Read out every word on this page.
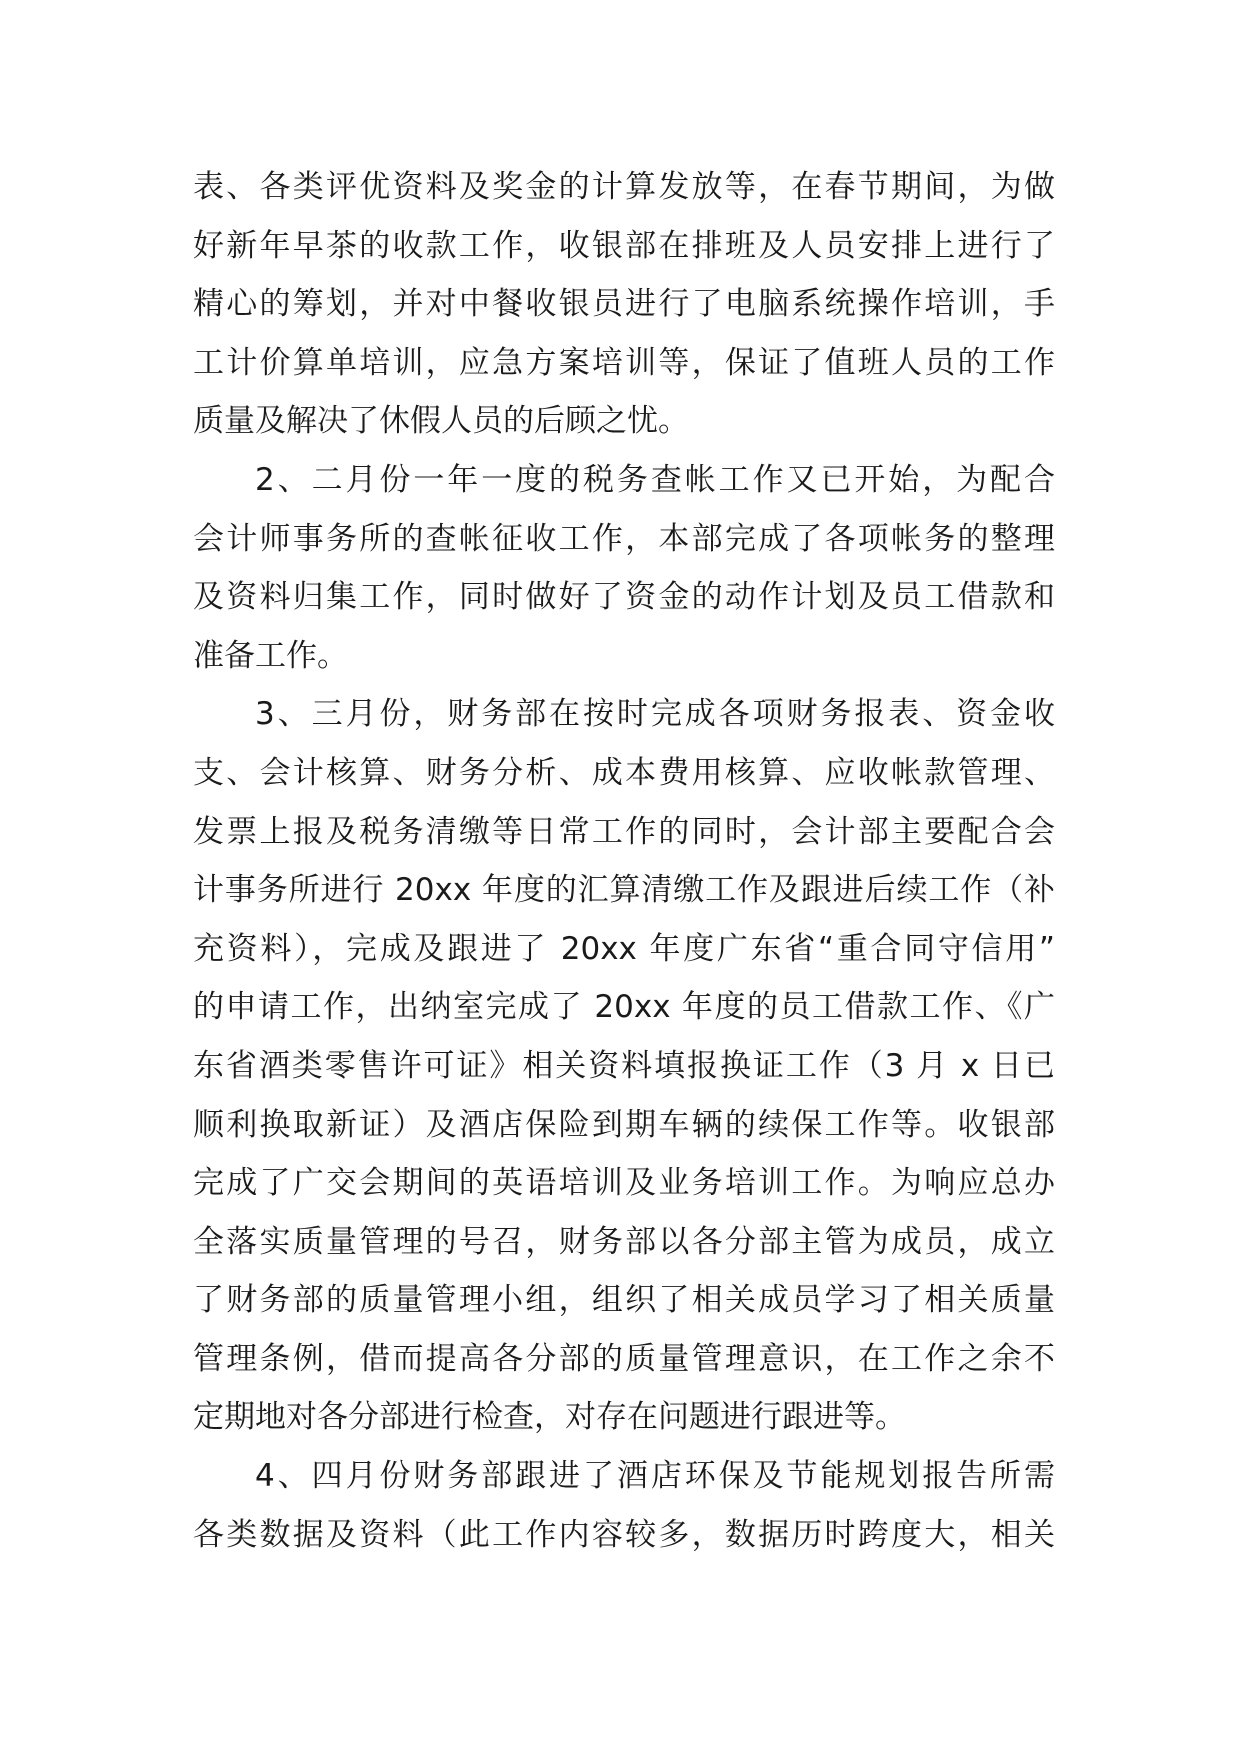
表、各类评优资料及奖金的计算发放等，在春节期间，为做
好新年早茶的收款工作，收银部在排班及人员安排上进行了
精心的筹划，并对中餐收银员进行了电脑系统操作培训，手
工计价算单培训，应急方案培训等，保证了值班人员的工作
质量及解决了休假人员的后顾之忧。
2、二月份一年一度的税务查帐工作又已开始，为配合
会计师事务所的查帐征收工作，本部完成了各项帐务的整理
及资料归集工作，同时做好了资金的动作计划及员工借款和
准备工作。
3、三月份，财务部在按时完成各项财务报表、资金收
支、会计核算、财务分析、成本费用核算、应收帐款管理、
发票上报及税务清缴等日常工作的同时，会计部主要配合会
计事务所进行 20xx 年度的汇算清缴工作及跟进后续工作（补
充资料），完成及跟进了 20xx 年度广东省“重合同守信用”
的申请工作，出纳室完成了 20xx 年度的员工借款工作、《广
东省酒类零售许可证》相关资料填报换证工作（3 月 x 日已
顺利换取新证）及酒店保险到期车辆的续保工作等。收银部
完成了广交会期间的英语培训及业务培训工作。为响应总办
全落实质量管理的号召，财务部以各分部主管为成员，成立
了财务部的质量管理小组，组织了相关成员学习了相关质量
管理条例，借而提高各分部的质量管理意识，在工作之余不
定期地对各分部进行检查，对存在问题进行跟进等。
4、四月份财务部跟进了酒店环保及节能规划报告所需
各类数据及资料（此工作内容较多，数据历时跨度大，相关
